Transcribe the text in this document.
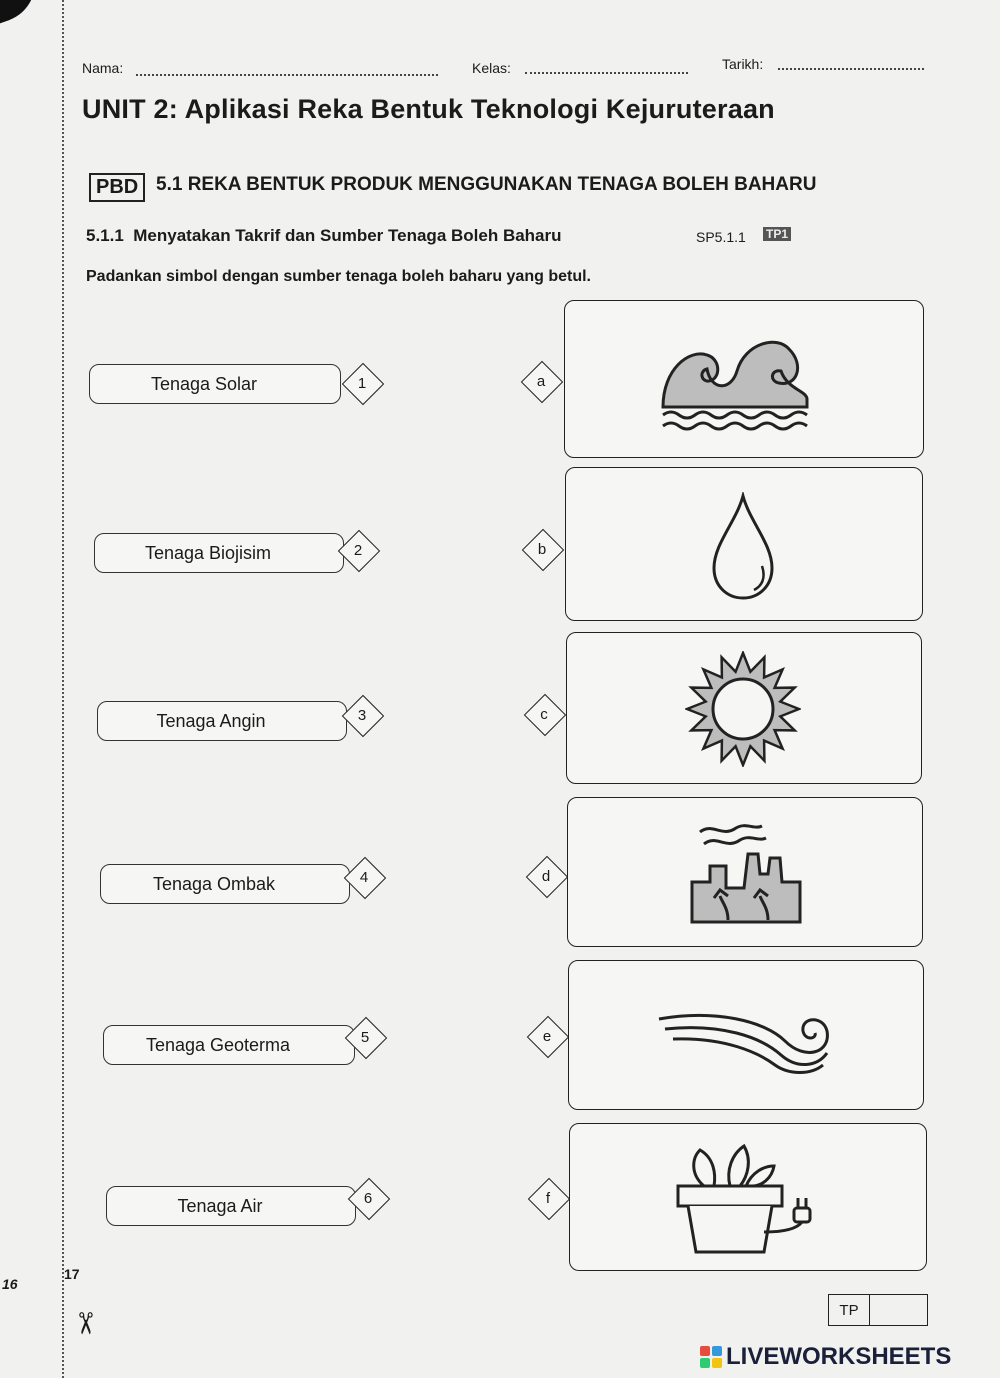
Nama:	Kelas:	Tarikh:
UNIT 2: Aplikasi Reka Bentuk Teknologi Kejuruteraan
PBD 5.1 REKA BENTUK PRODUK MENGGUNAKAN TENAGA BOLEH BAHARU
5.1.1  Menyatakan Takrif dan Sumber Tenaga Boleh Baharu	SP5.1.1 TP1
Padankan simbol dengan sumber tenaga boleh baharu yang betul.
Tenaga Solar	1
Tenaga Biojisim	2
Tenaga Angin	3
Tenaga Ombak	4
Tenaga Geoterma	5
Tenaga Air	6
a
b
c
d
e
f
16
17
✂
TP
LIVEWORKSHEETS
